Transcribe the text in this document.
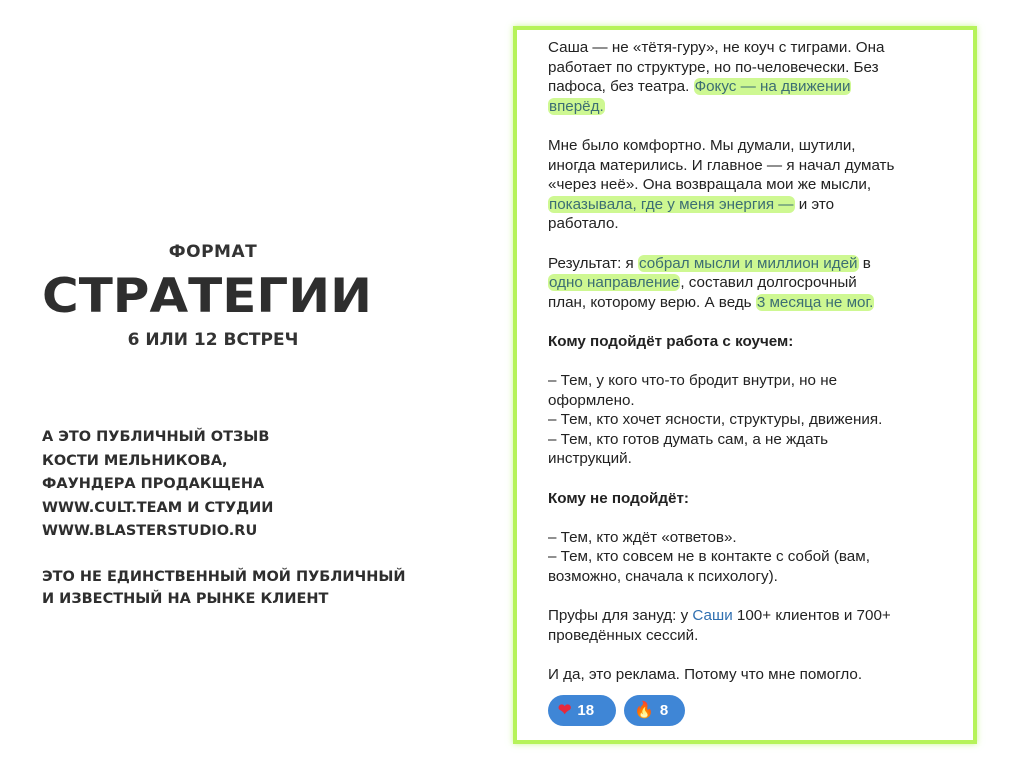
ФОРМАТ
СТРАТЕГИИ
6 ИЛИ 12 ВСТРЕЧ
А ЭТО ПУБЛИЧНЫЙ ОТЗЫВ
КОСТИ МЕЛЬНИКОВА,
ФАУНДЕРА ПРОДАКЩЕНА
WWW.CULT.TEAM И СТУДИИ
WWW.BLASTERSTUDIO.RU
ЭТО НЕ ЕДИНСТВЕННЫЙ МОЙ ПУБЛИЧНЫЙ
И ИЗВЕСТНЫЙ НА РЫНКЕ КЛИЕНТ
Саша — не «тётя-гуру», не коуч с тиграми. Она
работает по структуре, но по-человечески. Без
пафоса, без театра. Фокус — на движении
вперёд.
Мне было комфортно. Мы думали, шутили,
иногда матерились. И главное — я начал думать
«через неё». Она возвращала мои же мысли,
показывала, где у меня энергия — и это
работало.
Результат: я собрал мысли и миллион идей в
одно направление, составил долгосрочный
план, которому верю. А ведь 3 месяца не мог.
Кому подойдёт работа с коучем:
– Тем, у кого что-то бродит внутри, но не
оформлено.
– Тем, кто хочет ясности, структуры, движения.
– Тем, кто готов думать сам, а не ждать
инструкций.
Кому не подойдёт:
– Тем, кто ждёт «ответов».
– Тем, кто совсем не в контакте с собой (вам,
возможно, сначала к психологу).
Пруфы для зануд: у Саши 100+ клиентов и 700+
проведённых сессий.
И да, это реклама. Потому что мне помогло.
❤ 18 🔥 8
